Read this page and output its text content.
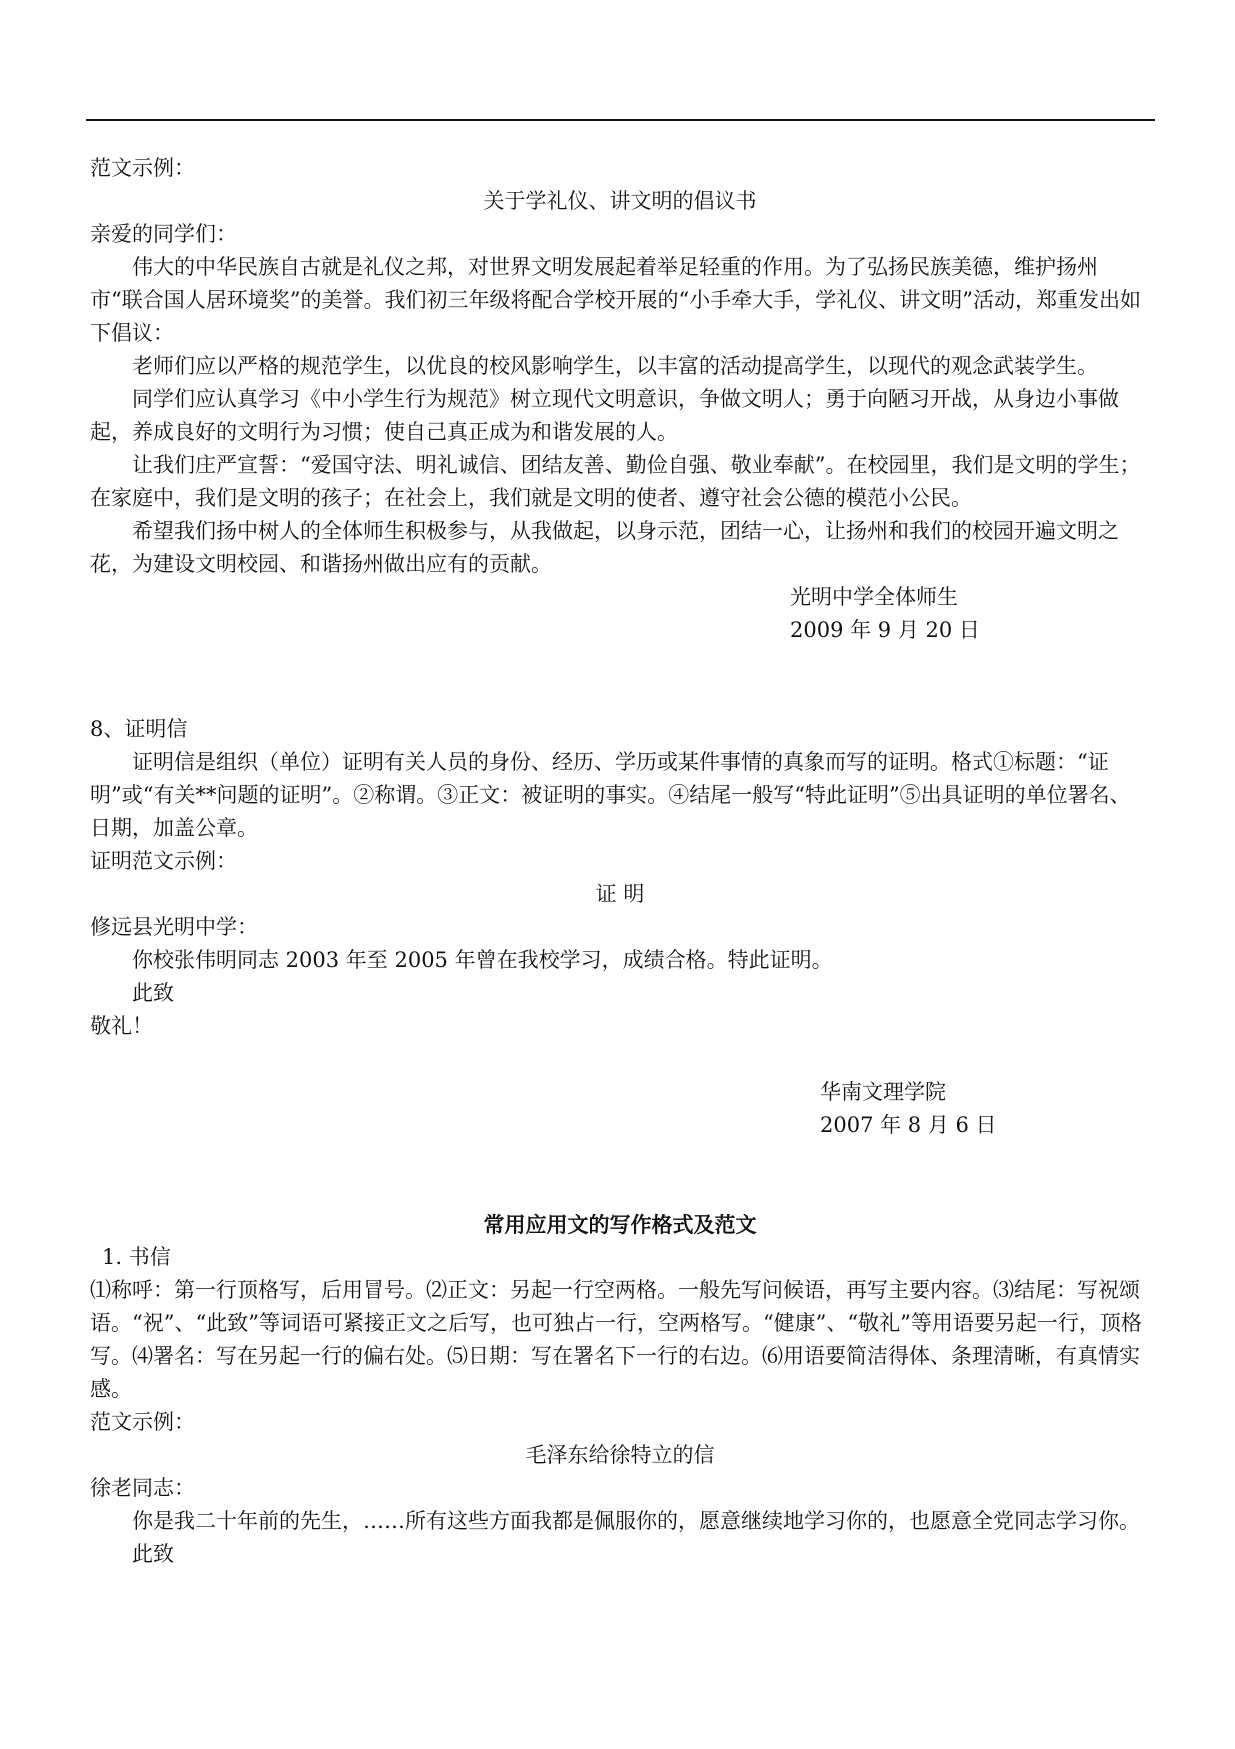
范文示例：

关于学礼仪、讲文明的倡议书

亲爱的同学们：

伟大的中华民族自古就是礼仪之邦，对世界文明发展起着举足轻重的作用。为了弘扬民族美德，维护扬州市“联合国人居环境奖”的美誉。我们初三年级将配合学校开展的“小手牵大手，学礼仪、讲文明”活动，郑重发出如下倡议：

老师们应以严格的规范学生，以优良的校风影响学生，以丰富的活动提高学生，以现代的观念武装学生。

同学们应认真学习《中小学生行为规范》树立现代文明意识，争做文明人；勇于向陋习开战，从身边小事做起，养成良好的文明行为习惯；使自己真正成为和谐发展的人。

让我们庄严宣誓：“爱国守法、明礼诚信、团结友善、勤俭自强、敬业奉献”。在校园里，我们是文明的学生；在家庭中，我们是文明的孩子；在社会上，我们就是文明的使者、遵守社会公德的模范小公民。

希望我们扬中树人的全体师生积极参与，从我做起，以身示范，团结一心，让扬州和我们的校园开遍文明之花，为建设文明校园、和谐扬州做出应有的贡献。

光明中学全体师生

2009 年 9 月 20 日

8、证明信

证明信是组织（单位）证明有关人员的身份、经历、学历或某件事情的真象而写的证明。格式①标题：“证明”或“有关**问题的证明”。②称谓。③正文：被证明的事实。④结尾一般写“特此证明”⑤出具证明的单位署名、日期，加盖公章。

证明范文示例：

证 明

修远县光明中学：

你校张伟明同志 2003 年至 2005 年曾在我校学习，成绩合格。特此证明。

此致

敬礼！

华南文理学院

2007 年 8 月 6 日

常用应用文的写作格式及范文

1. 书信

⑴称呼：第一行顶格写，后用冒号。⑵正文：另起一行空两格。一般先写问候语，再写主要内容。⑶结尾：写祝颂语。“祝”、“此致”等词语可紧接正文之后写，也可独占一行，空两格写。“健康”、“敬礼”等用语要另起一行，顶格写。⑷署名：写在另起一行的偏右处。⑸日期：写在署名下一行的右边。⑹用语要简洁得体、条理清晰，有真情实感。

范文示例：

毛泽东给徐特立的信

徐老同志：

你是我二十年前的先生，……所有这些方面我都是佩服你的，愿意继续地学习你的，也愿意全党同志学习你。

此致
